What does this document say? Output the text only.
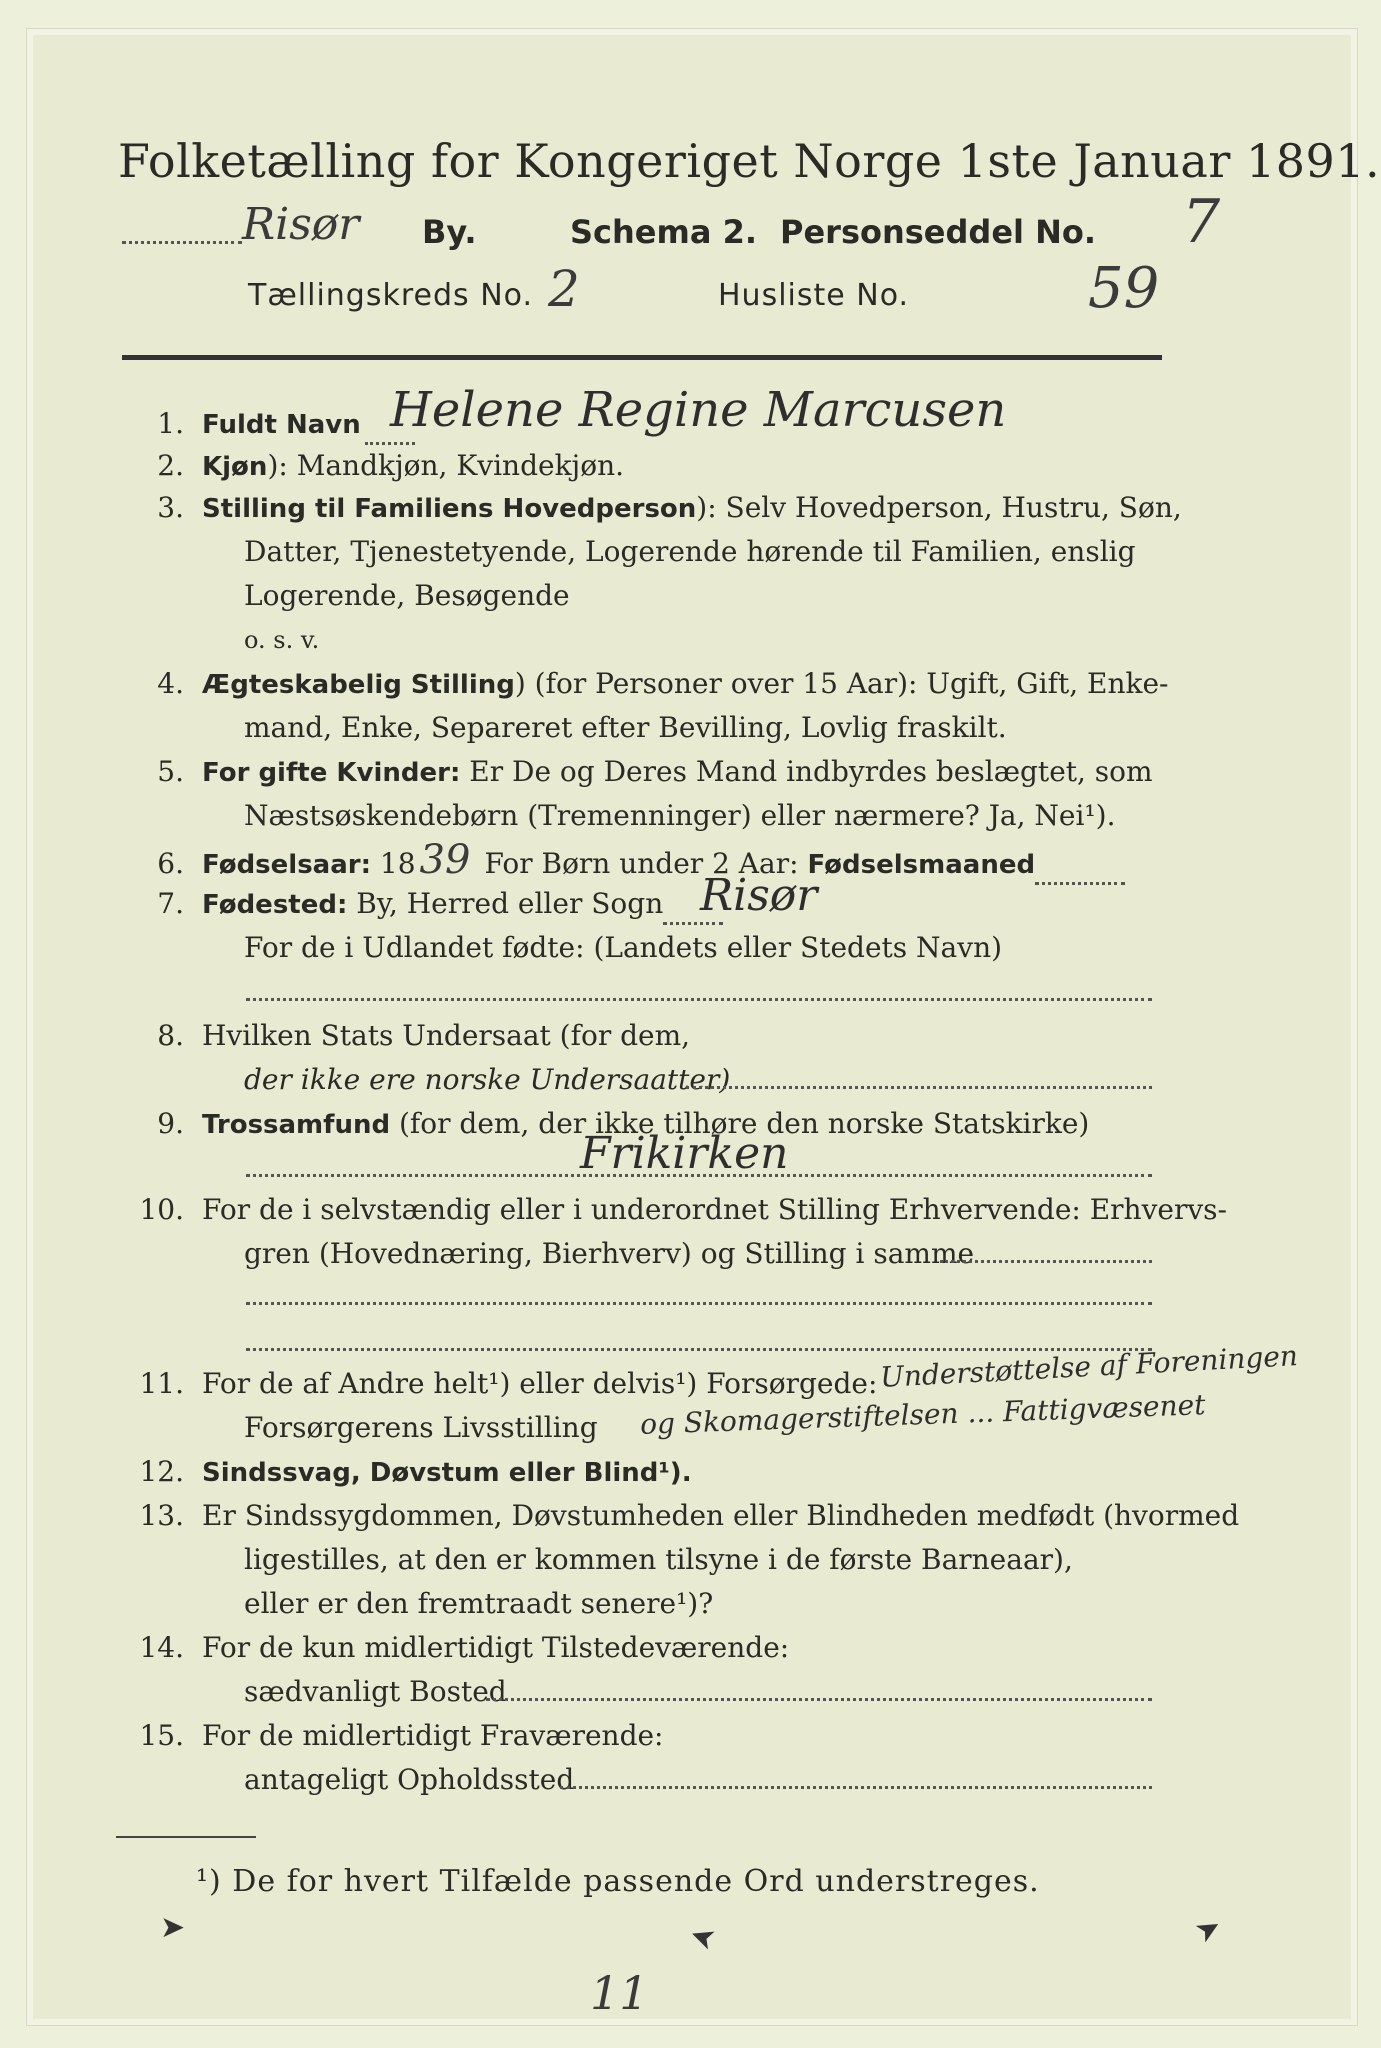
Folketælling for Kongeriget Norge 1ste Januar 1891.
Risør By.	Schema 2. Personseddel No. 7
Tællingskreds No. 2	Husliste No.	59
1. Fuldt Navn Helene Regine Marcusen
2. Kjøn): Mandkjøn, Kvindekjøn.
3. Stilling til Familiens Hovedperson): Selv Hovedperson, Hustru, Søn,
Datter, Tjenestetyende, Logerende hørende til Familien, enslig
Logerende, Besøgende
o. s. v.
4. Ægteskabelig Stilling) (for Personer over 15 Aar): Ugift, Gift, Enke-
mand, Enke, Separeret efter Bevilling, Lovlig fraskilt.
5. For gifte Kvinder: Er De og Deres Mand indbyrdes beslægtet, som
Næstsøskendebørn (Tremenninger) eller nærmere? Ja, Nei¹).
6. Fødselsaar: 18 39 For Børn under 2 Aar: Fødselsmaaned
7. Fødested: By, Herred eller Sogn Risør
For de i Udlandet fødte: (Landets eller Stedets Navn)
8. Hvilken Stats Undersaat (for dem,
der ikke ere norske Undersaatter)
9. Trossamfund (for dem, der ikke tilhøre den norske Statskirke)
Frikirken
10. For de i selvstændig eller i underordnet Stilling Erhvervende: Erhvervs-
gren (Hovednæring, Bierhverv) og Stilling i samme
11. For de af Andre helt¹) eller delvis¹) Forsørgede: Understøttelse af Foreningen
Forsørgerens Livsstilling	og Skomagerstiftelsen ... Fattigvæsenet
12. Sindssvag, Døvstum eller Blind¹).
13. Er Sindssygdommen, Døvstumheden eller Blindheden medfødt (hvormed
ligestilles, at den er kommen tilsyne i de første Barneaar),
eller er den fremtraadt senere¹)?
14. For de kun midlertidigt Tilstedeværende:
sædvanligt Bosted
15. For de midlertidigt Fraværende:
antageligt Opholdssted
¹) De for hvert Tilfælde passende Ord understreges.
➤	➤	➤
11
